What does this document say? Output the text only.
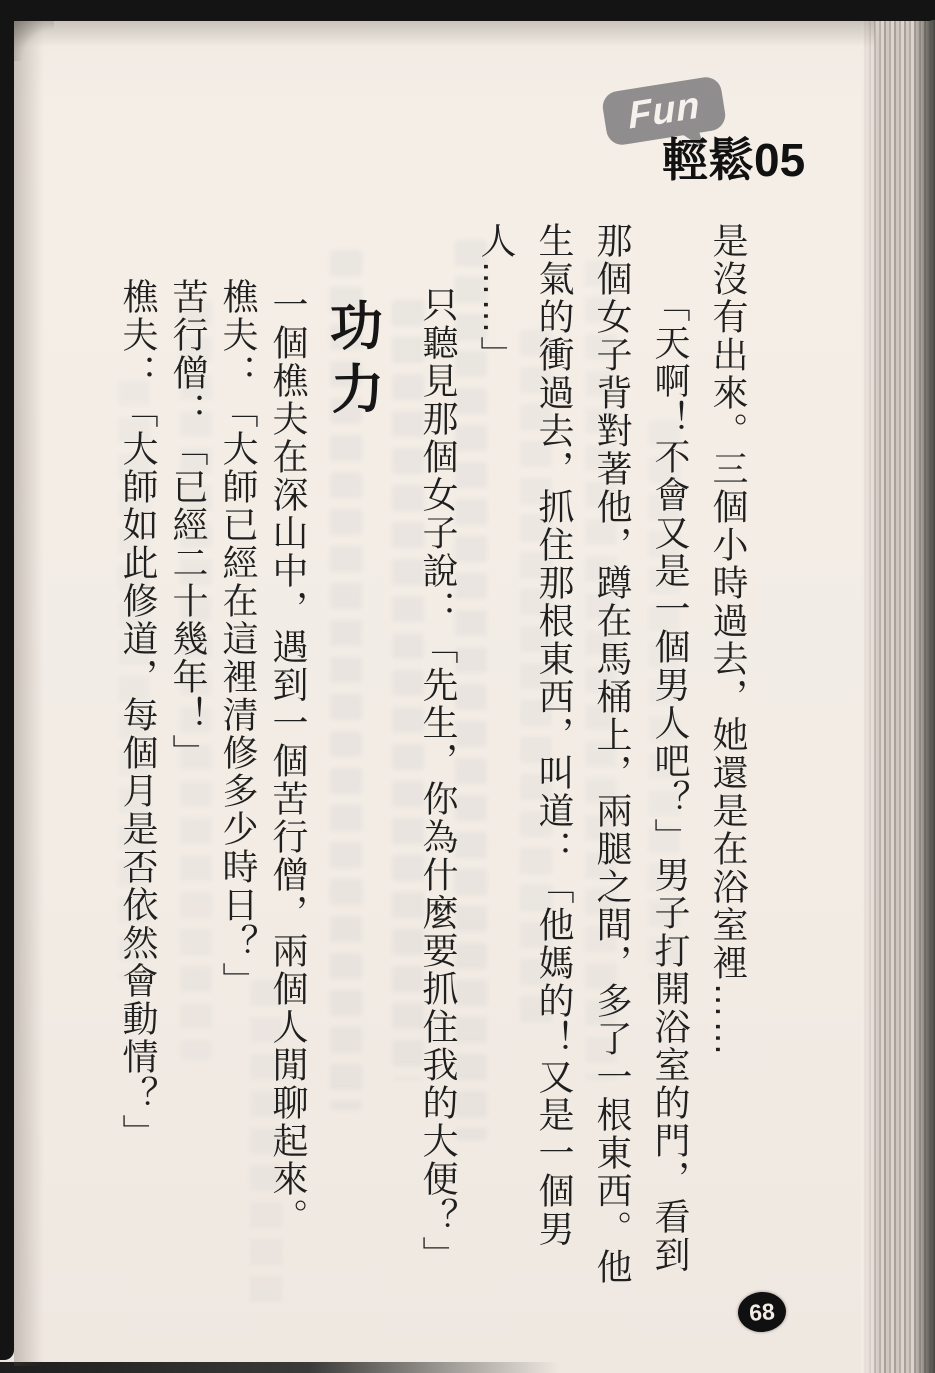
Fun
輕鬆05
是沒有出來。三個小時過去，她還是在浴室裡……
「天啊！不會又是一個男人吧？」男子打開浴室的門，看到
那個女子背對著他，蹲在馬桶上，兩腿之間，多了一根東西。他
生氣的衝過去，抓住那根東西，叫道：「他媽的！又是一個男
人……」
只聽見那個女子說：「先生，你為什麼要抓住我的大便？」
功力
一個樵夫在深山中，遇到一個苦行僧，兩個人閒聊起來。
樵夫：「大師已經在這裡清修多少時日？」
苦行僧：「已經二十幾年！」
樵夫：「大師如此修道，每個月是否依然會動情？」
68
